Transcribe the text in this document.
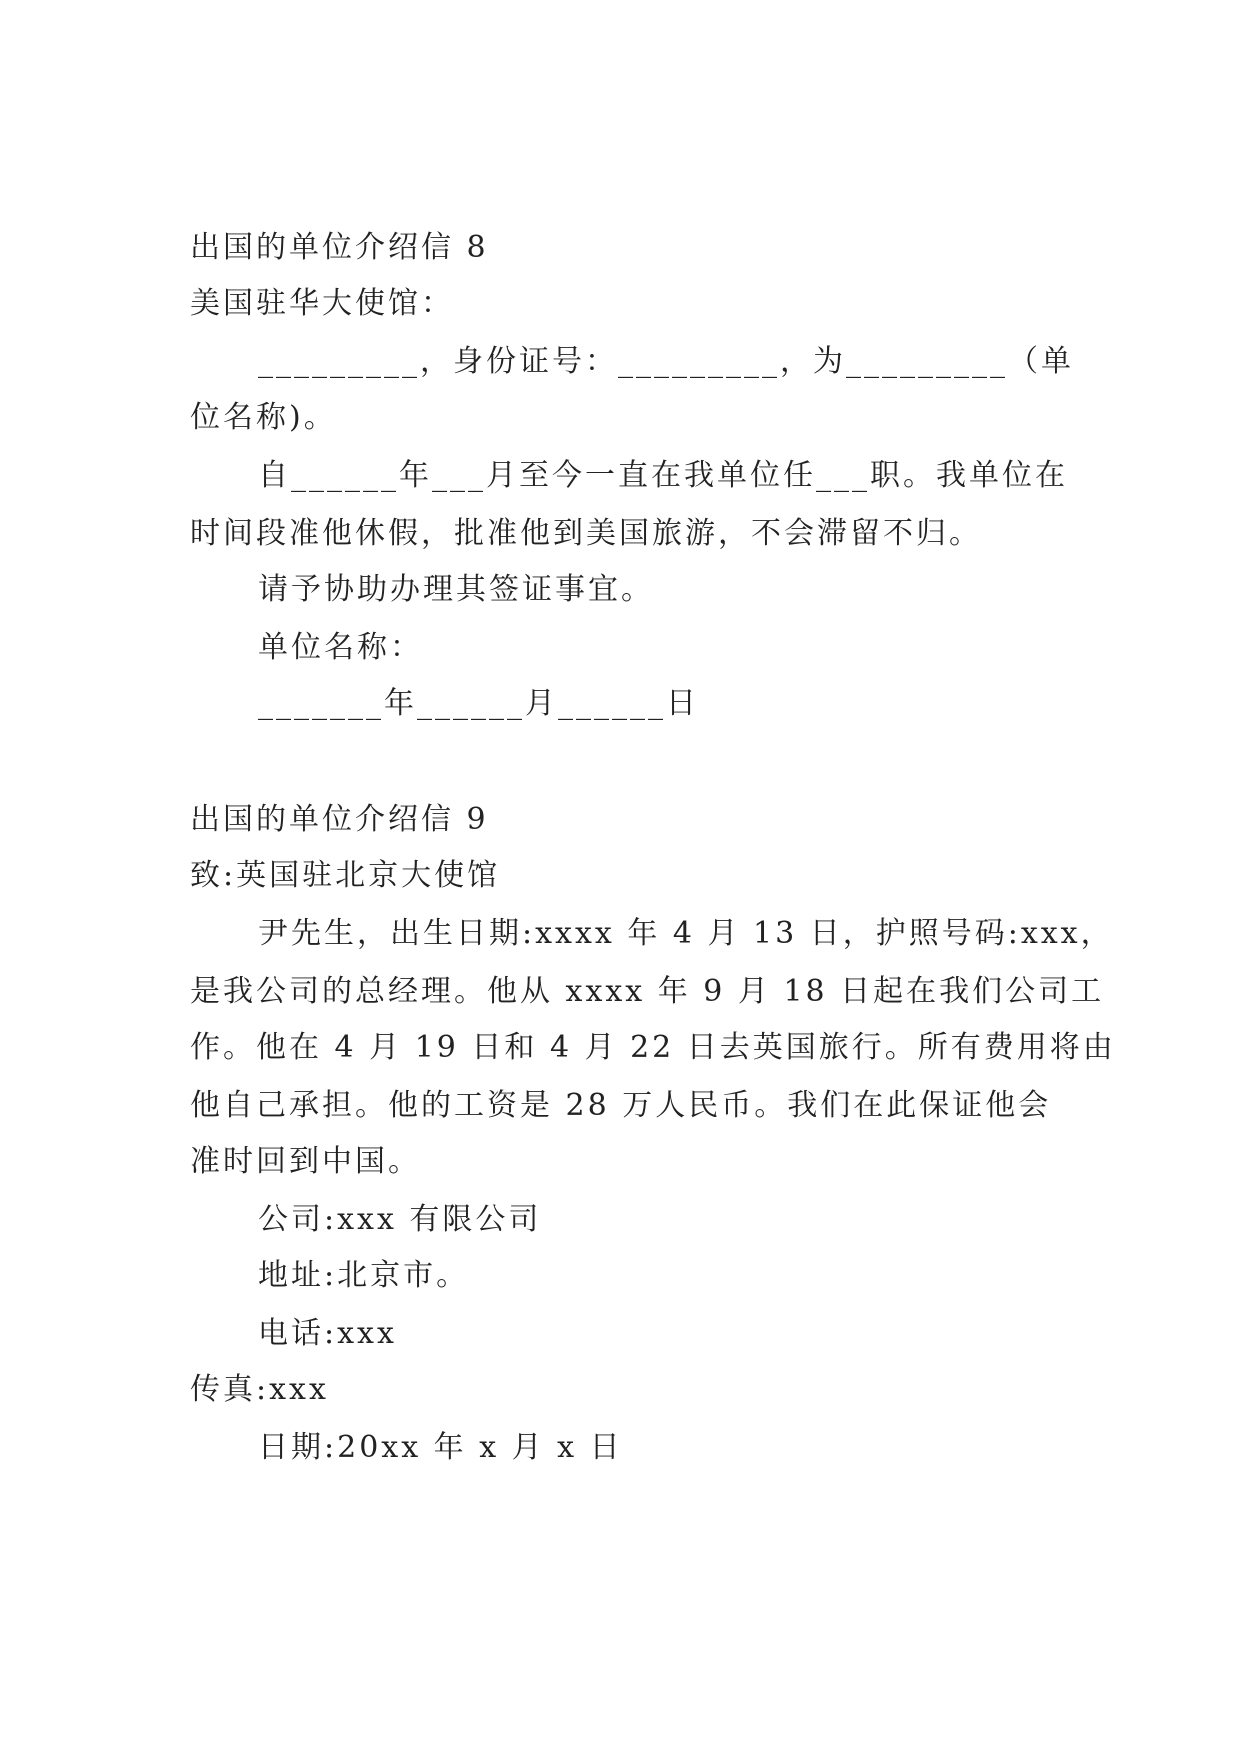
出国的单位介绍信 8
美国驻华大使馆：
_________，身份证号：_________，为_________（单
位名称)。
自______年___月至今一直在我单位任___职。我单位在
时间段准他休假，批准他到美国旅游，不会滞留不归。
请予协助办理其签证事宜。
单位名称：
_______年______月______日
出国的单位介绍信 9
致:英国驻北京大使馆
尹先生，出生日期:xxxx 年 4 月 13 日，护照号码:xxx，
是我公司的总经理。他从 xxxx 年 9 月 18 日起在我们公司工
作。他在 4 月 19 日和 4 月 22 日去英国旅行。所有费用将由
他自己承担。他的工资是 28 万人民币。我们在此保证他会
准时回到中国。
公司:xxx 有限公司
地址:北京市。
电话:xxx
传真:xxx
日期:20xx 年 x 月 x 日
